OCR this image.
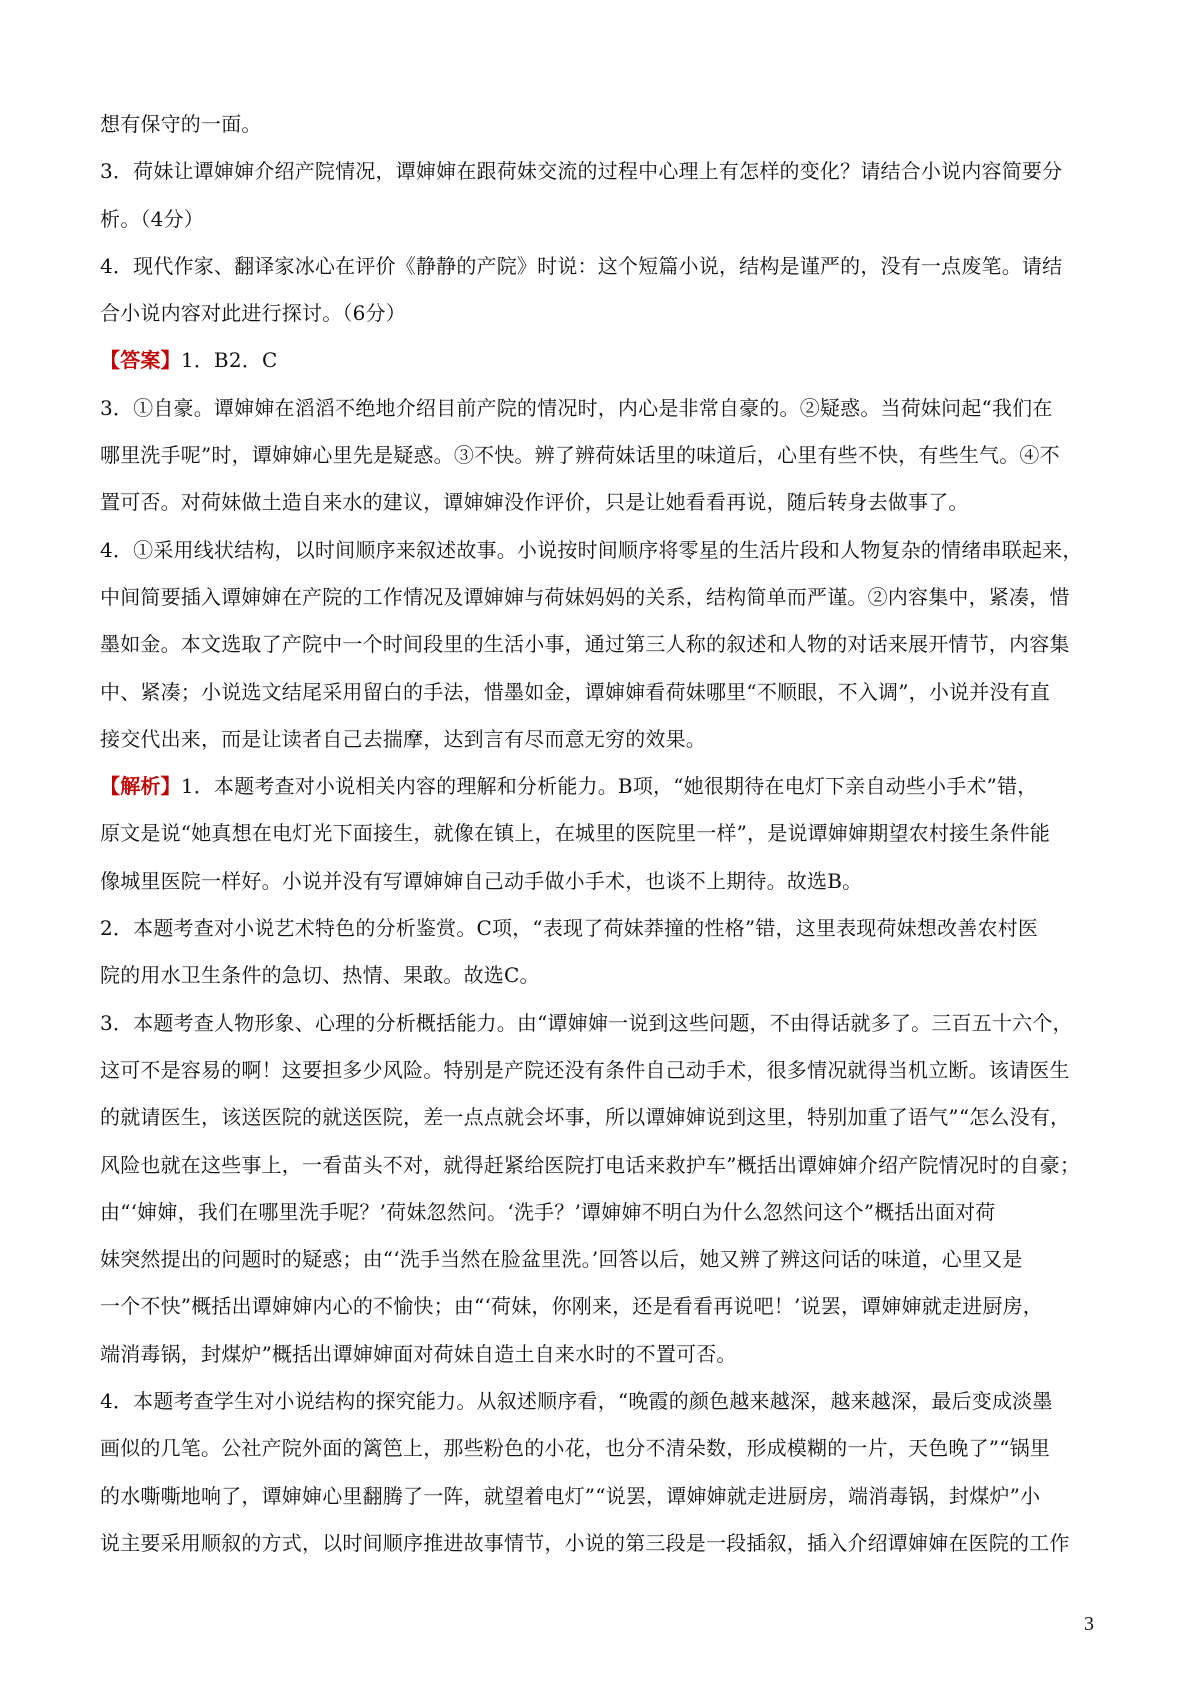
想有保守的一面。
3．荷妹让谭婶婶介绍产院情况，谭婶婶在跟荷妹交流的过程中心理上有怎样的变化？请结合小说内容简要分
析。（4分）
4．现代作家、翻译家冰心在评价《静静的产院》时说：这个短篇小说，结构是谨严的，没有一点废笔。请结
合小说内容对此进行探讨。（6分）
【答案】1．B2．C
3．①自豪。谭婶婶在滔滔不绝地介绍目前产院的情况时，内心是非常自豪的。②疑惑。当荷妹问起“我们在
哪里洗手呢”时，谭婶婶心里先是疑惑。③不快。辨了辨荷妹话里的味道后，心里有些不快，有些生气。④不
置可否。对荷妹做土造自来水的建议，谭婶婶没作评价，只是让她看看再说，随后转身去做事了。
4．①采用线状结构，以时间顺序来叙述故事。小说按时间顺序将零星的生活片段和人物复杂的情绪串联起来，
中间简要插入谭婶婶在产院的工作情况及谭婶婶与荷妹妈妈的关系，结构简单而严谨。②内容集中，紧凑，惜
墨如金。本文选取了产院中一个时间段里的生活小事，通过第三人称的叙述和人物的对话来展开情节，内容集
中、紧凑；小说选文结尾采用留白的手法，惜墨如金，谭婶婶看荷妹哪里“不顺眼，不入调”，小说并没有直
接交代出来，而是让读者自己去揣摩，达到言有尽而意无穷的效果。
【解析】1．本题考查对小说相关内容的理解和分析能力。B项，“她很期待在电灯下亲自动些小手术”错，
原文是说“她真想在电灯光下面接生，就像在镇上，在城里的医院里一样”，是说谭婶婶期望农村接生条件能
像城里医院一样好。小说并没有写谭婶婶自己动手做小手术，也谈不上期待。故选B。
2．本题考查对小说艺术特色的分析鉴赏。C项，“表现了荷妹莽撞的性格”错，这里表现荷妹想改善农村医
院的用水卫生条件的急切、热情、果敢。故选C。
3．本题考查人物形象、心理的分析概括能力。由“谭婶婶一说到这些问题，不由得话就多了。三百五十六个，
这可不是容易的啊！这要担多少风险。特别是产院还没有条件自己动手术，很多情况就得当机立断。该请医生
的就请医生，该送医院的就送医院，差一点点就会坏事，所以谭婶婶说到这里，特别加重了语气”“怎么没有，
风险也就在这些事上，一看苗头不对，就得赶紧给医院打电话来救护车”概括出谭婶婶介绍产院情况时的自豪；
由“‘婶婶，我们在哪里洗手呢？’荷妹忽然问。‘洗手？’谭婶婶不明白为什么忽然问这个”概括出面对荷
妹突然提出的问题时的疑惑；由“‘洗手当然在脸盆里洗。’回答以后，她又辨了辨这问话的味道，心里又是
一个不快”概括出谭婶婶内心的不愉快；由“‘荷妹，你刚来，还是看看再说吧！’说罢，谭婶婶就走进厨房，
端消毒锅，封煤炉”概括出谭婶婶面对荷妹自造土自来水时的不置可否。
4．本题考查学生对小说结构的探究能力。从叙述顺序看，“晚霞的颜色越来越深，越来越深，最后变成淡墨
画似的几笔。公社产院外面的篱笆上，那些粉色的小花，也分不清朵数，形成模糊的一片，天色晚了”“锅里
的水嘶嘶地响了，谭婶婶心里翻腾了一阵，就望着电灯”“说罢，谭婶婶就走进厨房，端消毒锅，封煤炉”小
说主要采用顺叙的方式，以时间顺序推进故事情节，小说的第三段是一段插叙，插入介绍谭婶婶在医院的工作
3
